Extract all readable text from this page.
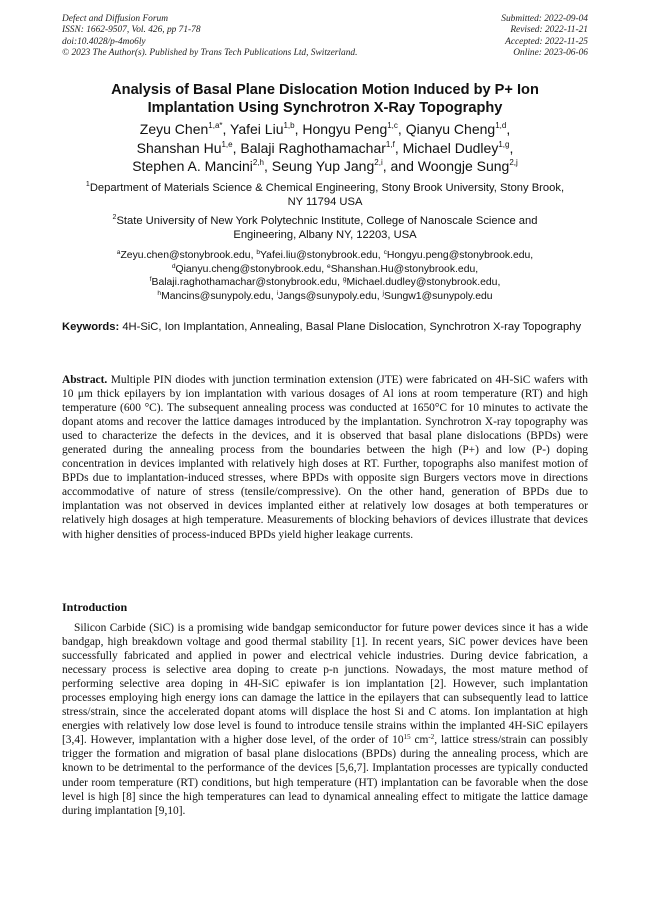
Defect and Diffusion Forum
ISSN: 1662-9507, Vol. 426, pp 71-78
doi:10.4028/p-4mo6ly
© 2023 The Author(s). Published by Trans Tech Publications Ltd, Switzerland.
Submitted: 2022-09-04
Revised: 2022-11-21
Accepted: 2022-11-25
Online: 2023-06-06
Analysis of Basal Plane Dislocation Motion Induced by P+ Ion
Implantation Using Synchrotron X-Ray Topography
Zeyu Chen$^{1,a*}$, Yafei Liu$^{1,b}$, Hongyu Peng$^{1,c}$, Qianyu Cheng$^{1,d}$,
Shanshan Hu$^{1,e}$, Balaji Raghothamachar$^{1,f}$, Michael Dudley$^{1,g}$,
Stephen A. Mancini$^{2,h}$, Seung Yup Jang$^{2,i}$, and Woongje Sung$^{2,j}$
$^1$Department of Materials Science & Chemical Engineering, Stony Brook University, Stony Brook,
NY 11794 USA
$^2$State University of New York Polytechnic Institute, College of Nanoscale Science and
Engineering, Albany NY, 12203, USA
$^a$Zeyu.chen@stonybrook.edu, $^b$Yafei.liu@stonybrook.edu, $^c$Hongyu.peng@stonybrook.edu,
$^d$Qianyu.cheng@stonybrook.edu, $^e$Shanshan.Hu@stonybrook.edu,
$^f$Balaji.raghothamachar@stonybrook.edu, $^g$Michael.dudley@stonybrook.edu,
$^h$Mancins@sunypoly.edu, $^i$Jangs@sunypoly.edu, $^j$Sungw1@sunypoly.edu
Keywords: 4H-SiC, Ion Implantation, Annealing, Basal Plane Dislocation, Synchrotron X-ray Topography
Abstract. Multiple PIN diodes with junction termination extension (JTE) were fabricated on 4H-SiC wafers with 10 μm thick epilayers by ion implantation with various dosages of Al ions at room temperature (RT) and high temperature (600 °C). The subsequent annealing process was conducted at 1650°C for 10 minutes to activate the dopant atoms and recover the lattice damages introduced by the implantation. Synchrotron X-ray topography was used to characterize the defects in the devices, and it is observed that basal plane dislocations (BPDs) were generated during the annealing process from the boundaries between the high (P+) and low (P-) doping concentration in devices implanted with relatively high doses at RT. Further, topographs also manifest motion of BPDs due to implantation-induced stresses, where BPDs with opposite sign Burgers vectors move in directions accommodative of nature of stress (tensile/compressive). On the other hand, generation of BPDs due to implantation was not observed in devices implanted either at relatively low dosages at both temperatures or relatively high dosages at high temperature. Measurements of blocking behaviors of devices illustrate that devices with higher densities of process-induced BPDs yield higher leakage currents.
Introduction
Silicon Carbide (SiC) is a promising wide bandgap semiconductor for future power devices since it has a wide bandgap, high breakdown voltage and good thermal stability [1]. In recent years, SiC power devices have been successfully fabricated and applied in power and electrical vehicle industries. During device fabrication, a necessary process is selective area doping to create p-n junctions. Nowadays, the most mature method of performing selective area doping in 4H-SiC epiwafer is ion implantation [2]. However, such implantation processes employing high energy ions can damage the lattice in the epilayers that can subsequently lead to lattice stress/strain, since the accelerated dopant atoms will displace the host Si and C atoms. Ion implantation at high energies with relatively low dose level is found to introduce tensile strains within the implanted 4H-SiC epilayers [3,4]. However, implantation with a higher dose level, of the order of $10^{15}$ $cm^{-2}$, lattice stress/strain can possibly trigger the formation and migration of basal plane dislocations (BPDs) during the annealing process, which are known to be detrimental to the performance of the devices [5,6,7]. Implantation processes are typically conducted under room temperature (RT) conditions, but high temperature (HT) implantation can be favorable when the dose level is high [8] since the high temperatures can lead to dynamical annealing effect to mitigate the lattice damage during implantation [9,10].
